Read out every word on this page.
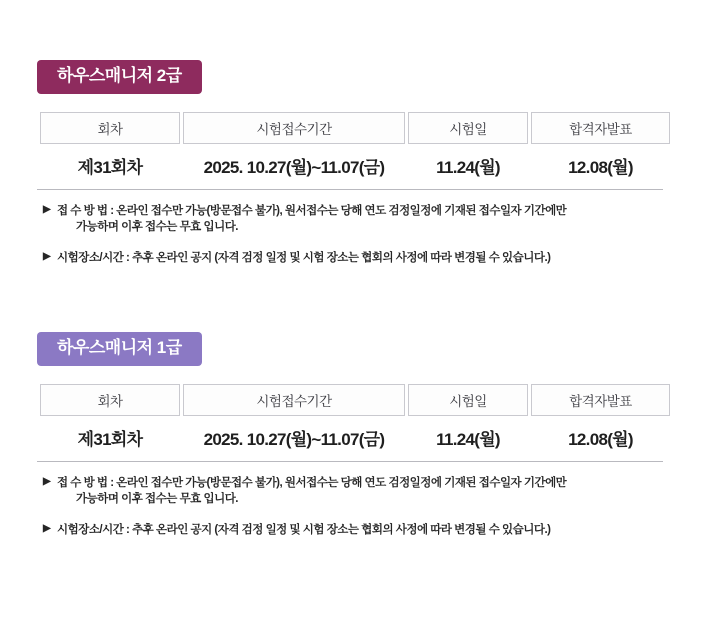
하우스매니저 2급
회차	시험접수기간	시험일	합격자발표
제31회차	2025. 10.27(월)~11.07(금)	11.24(월)	12.08(월)
▶ 접 수 방 법 : 온라인 접수만 가능(방문접수 불가), 원서접수는 당해 연도 검정일정에 기재된 접수일자 기간에만
가능하며 이후 접수는 무효 입니다.
▶ 시험장소/시간 : 추후 온라인 공지 (자격 검정 일정 및 시험 장소는 협회의 사정에 따라 변경될 수 있습니다.)
하우스매니저 1급
회차	시험접수기간	시험일	합격자발표
제31회차	2025. 10.27(월)~11.07(금)	11.24(월)	12.08(월)
▶ 접 수 방 법 : 온라인 접수만 가능(방문접수 불가), 원서접수는 당해 연도 검정일정에 기재된 접수일자 기간에만
가능하며 이후 접수는 무효 입니다.
▶ 시험장소/시간 : 추후 온라인 공지 (자격 검정 일정 및 시험 장소는 협회의 사정에 따라 변경될 수 있습니다.)
